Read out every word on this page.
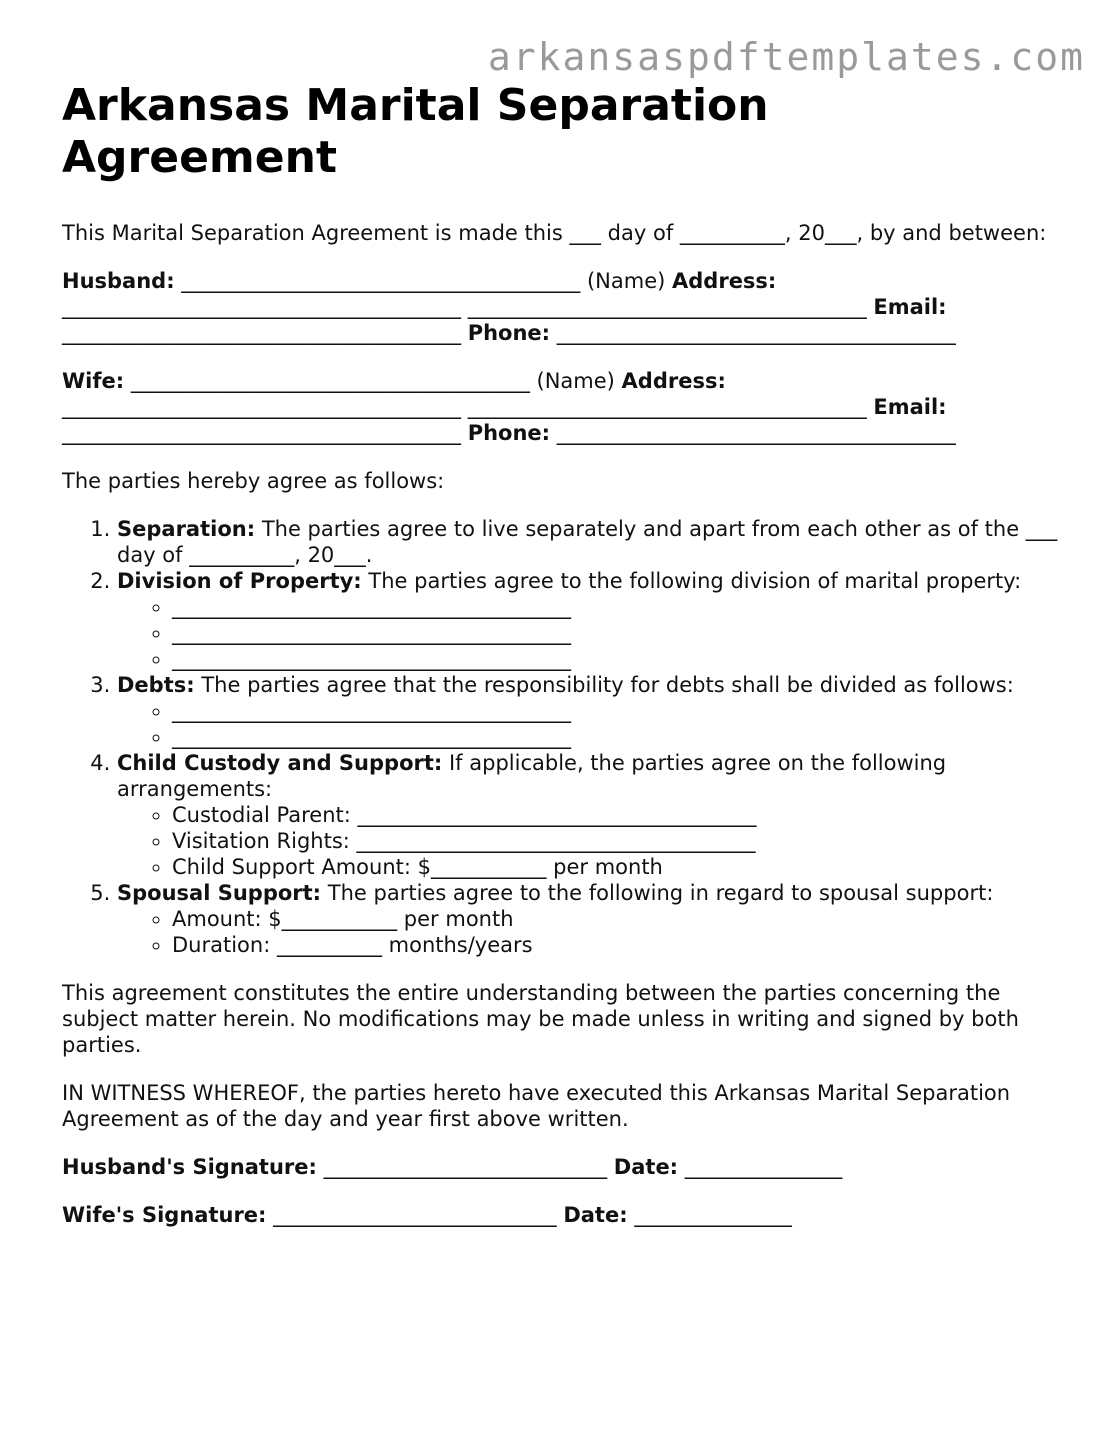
arkansaspdftemplates.com
Arkansas Marital Separation Agreement

This Marital Separation Agreement is made this ___ day of __________, 20___, by and between:

Husband: ______________________________________ (Name) Address: ______________________________________ ______________________________________ Email: ______________________________________ Phone: ______________________________________

Wife: ______________________________________ (Name) Address: ______________________________________ ______________________________________ Email: ______________________________________ Phone: ______________________________________

The parties hereby agree as follows:

1. Separation: The parties agree to live separately and apart from each other as of the ___ day of __________, 20___.
2. Division of Property: The parties agree to the following division of marital property:
◦ ______________________________________
◦ ______________________________________
◦ ______________________________________
3. Debts: The parties agree that the responsibility for debts shall be divided as follows:
◦ ______________________________________
◦ ______________________________________
4. Child Custody and Support: If applicable, the parties agree on the following arrangements:
◦ Custodial Parent: ______________________________________
◦ Visitation Rights: ______________________________________
◦ Child Support Amount: $___________ per month
5. Spousal Support: The parties agree to the following in regard to spousal support:
◦ Amount: $___________ per month
◦ Duration: __________ months/years

This agreement constitutes the entire understanding between the parties concerning the subject matter herein. No modifications may be made unless in writing and signed by both parties.

IN WITNESS WHEREOF, the parties hereto have executed this Arkansas Marital Separation Agreement as of the day and year first above written.

Husband's Signature: ___________________________ Date: _______________

Wife's Signature: ___________________________ Date: _______________
